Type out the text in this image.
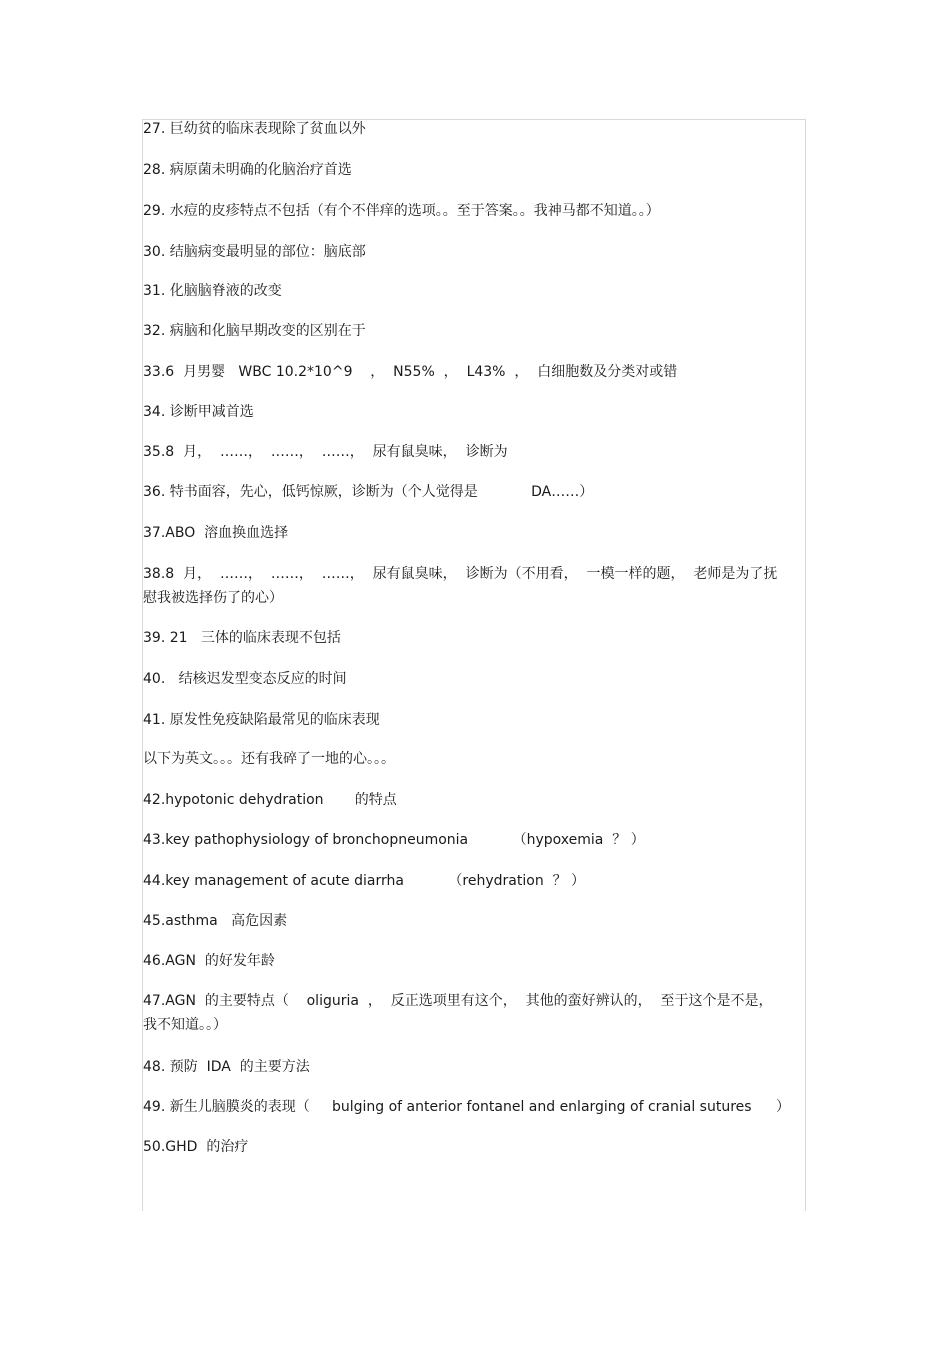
27. 巨幼贫的临床表现除了贫血以外
28. 病原菌未明确的化脑治疗首选
29. 水痘的皮疹特点不包括（有个不伴痒的选项。。至于答案。。我神马都不知道。。）
30. 结脑病变最明显的部位：脑底部
31. 化脑脑脊液的改变
32. 病脑和化脑早期改变的区别在于
33.6  月男婴   WBC 10.2*10^9    ，  N55%  ，  L43%  ，  白细胞数及分类对或错
34. 诊断甲减首选
35.8  月，  ……，  ……，  ……，  尿有鼠臭味，  诊断为
36. 特书面容，先心，低钙惊厥，诊断为（个人觉得是            DA……）
37.ABO  溶血换血选择
38.8  月，  ……，  ……，  ……，  尿有鼠臭味，  诊断为（不用看，  一模一样的题，  老师是为了抚
慰我被选择伤了的心）
39. 21   三体的临床表现不包括
40.   结核迟发型变态反应的时间
41. 原发性免疫缺陷最常见的临床表现
以下为英文。。。还有我碎了一地的心。。。
42.hypotonic dehydration       的特点
43.key pathophysiology of bronchopneumonia          （hypoxemia  ？ ）
44.key management of acute diarrha          （rehydration  ？ ）
45.asthma   高危因素
46.AGN  的好发年龄
47.AGN  的主要特点（    oliguria  ，  反正选项里有这个，  其他的蛮好辨认的，  至于这个是不是，
我不知道。。）
48. 预防  IDA  的主要方法
49. 新生儿脑膜炎的表现（     bulging of anterior fontanel and enlarging of cranial sutures	）
50.GHD  的治疗
